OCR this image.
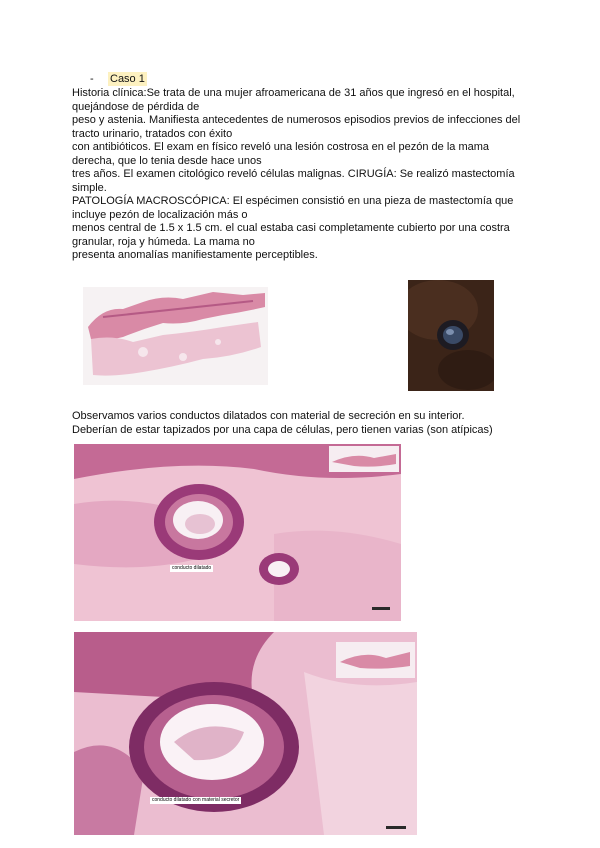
-	Caso 1

Historia clínica:Se trata de una mujer afroamericana de 31 años que ingresó en el hospital,

quejándose de pérdida de

peso y astenia. Manifiesta antecedentes de numerosos episodios previos de infecciones del

tracto urinario, tratados con éxito

con antibióticos. El exam en físico reveló una lesión costrosa en el pezón de la mama

derecha, que lo tenia desde hace unos

tres años. El examen citológico reveló células malignas. CIRUGÍA: Se realizó mastectomía

simple.

PATOLOGÍA MACROSCÓPICA: El espécimen consistió en una pieza de mastectomía que

incluye pezón de localización más o

menos central de 1.5 x 1.5 cm. el cual estaba casi completamente cubierto por una costra

granular, roja y húmeda. La mama no

presenta anomalías manifiestamente perceptibles.

Observamos varios conductos dilatados con material de secreción en su interior.

Deberían de estar tapizados por una capa de células, pero tienen varias (son atípicas)

conducto dilatado
conducto dilatado con material secretor
